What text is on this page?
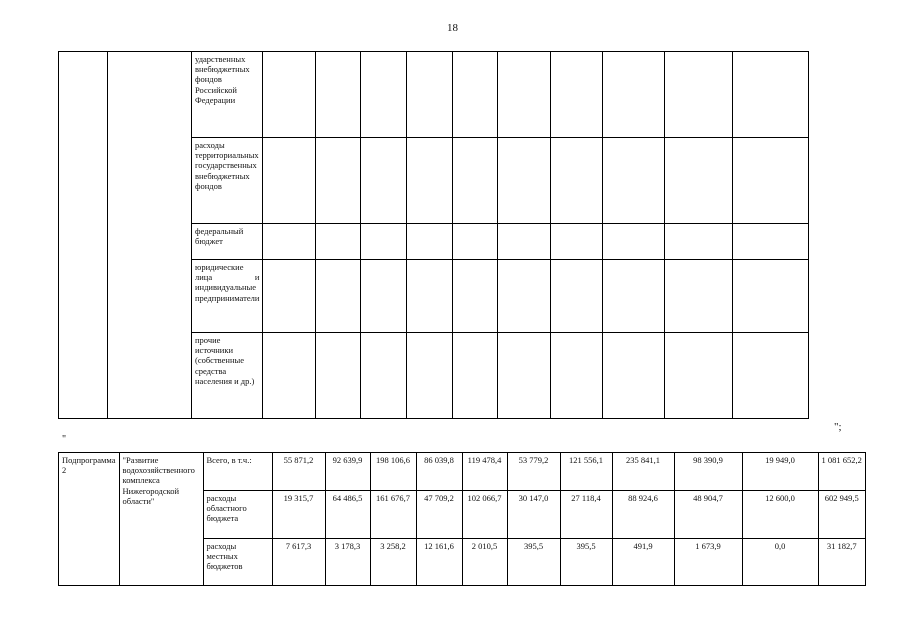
18
		ударственных внебюджетных фондов Российской Федерации										
		расходы территориальных государственных внебюджетных фондов										
		федеральный бюджет										
		юридические лица и индивидуальные предприниматели										
		прочие источники (собственные средства населения и др.)										
";
"
Подпрограмма 2	"Развитие водохозяйственного комплекса Нижегородской области"	Всего, в т.ч.:	55 871,2	92 639,9	198 106,6	86 039,8	119 478,4	53 779,2	121 556,1	235 841,1	98 390,9	19 949,0	1 081 652,2
		расходы областного бюджета	19 315,7	64 486,5	161 676,7	47 709,2	102 066,7	30 147,0	27 118,4	88 924,6	48 904,7	12 600,0	602 949,5
		расходы местных бюджетов	7 617,3	3 178,3	3 258,2	12 161,6	2 010,5	395,5	395,5	491,9	1 673,9	0,0	31 182,7
